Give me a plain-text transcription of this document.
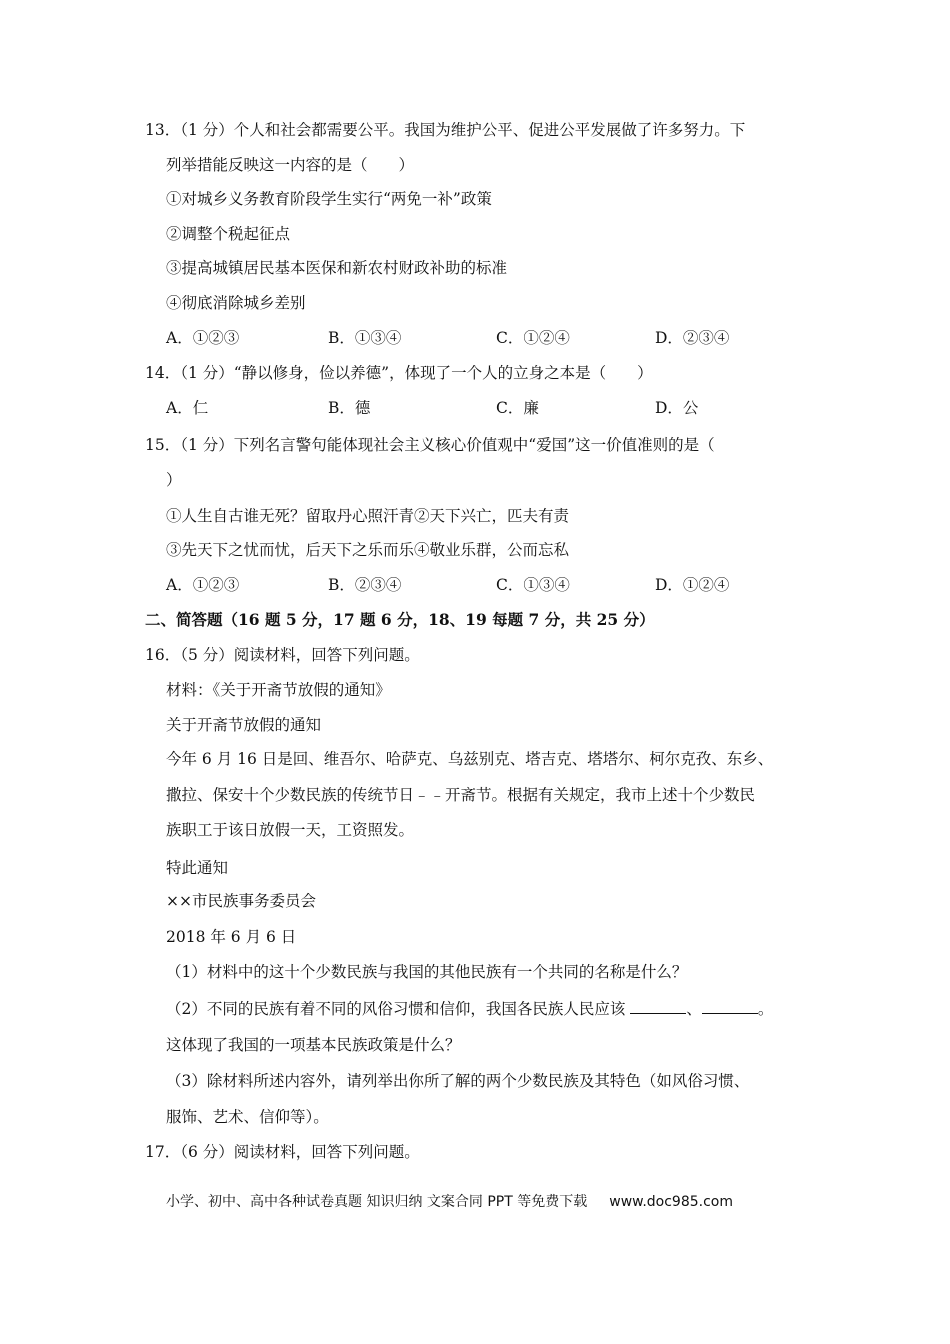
13．（1 分）个人和社会都需要公平。我国为维护公平、促进公平发展做了许多努力。下
列举措能反映这一内容的是（　　）
①对城乡义务教育阶段学生实行“两免一补”政策
②调整个税起征点
③提高城镇居民基本医保和新农村财政补助的标准
④彻底消除城乡差别
A．①②③	B．①③④	C．①②④	D．②③④
14．（1 分）“静以修身，俭以养德”，体现了一个人的立身之本是（　　）
A．仁	B．德	C．廉	D．公
15．（1 分）下列名言警句能体现社会主义核心价值观中“爱国”这一价值准则的是（
）
①人生自古谁无死？留取丹心照汗青②天下兴亡，匹夫有责
③先天下之忧而忧，后天下之乐而乐④敬业乐群，公而忘私
A．①②③	B．②③④	C．①③④	D．①②④
二、简答题（16 题 5 分，17 题 6 分，18、19 每题 7 分，共 25 分）
16．（5 分）阅读材料，回答下列问题。
材料：《关于开斋节放假的通知》
关于开斋节放假的通知
今年 6 月 16 日是回、维吾尔、哈萨克、乌兹别克、塔吉克、塔塔尔、柯尔克孜、东乡、
撒拉、保安十个少数民族的传统节日﹣﹣开斋节。根据有关规定，我市上述十个少数民
族职工于该日放假一天，工资照发。
特此通知
××市民族事务委员会
2018 年 6 月 6 日
（1）材料中的这十个少数民族与我国的其他民族有一个共同的名称是什么？
（2）不同的民族有着不同的风俗习惯和信仰，我国各民族人民应该	、	。
这体现了我国的一项基本民族政策是什么？
（3）除材料所述内容外，请列举出你所了解的两个少数民族及其特色（如风俗习惯、
服饰、艺术、信仰等）。
17．（6 分）阅读材料，回答下列问题。
小学、初中、高中各种试卷真题 知识归纳 文案合同 PPT 等免费下载 www.doc985.com
